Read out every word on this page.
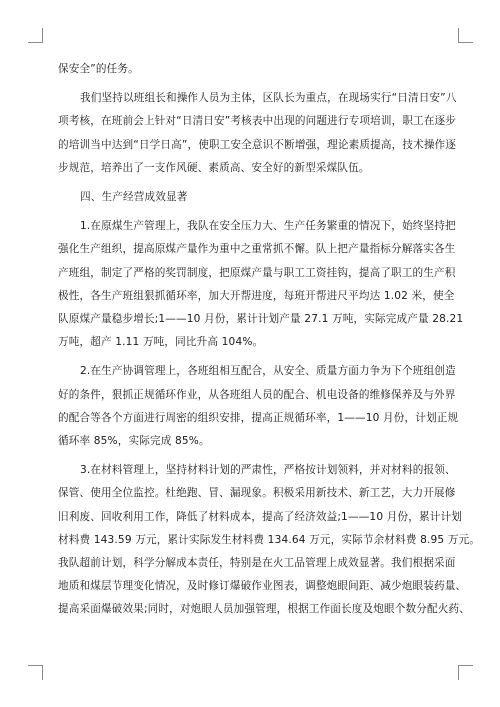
保安全”的任务。

我们坚持以班组长和操作人员为主体，区队长为重点，在现场实行“日清日安”八
项考核，在班前会上针对“日清日安”考核表中出现的问题进行专项培训，职工在逐步
的培训当中达到“日学日高”，使职工安全意识不断增强，理论素质提高，技术操作逐
步规范，培养出了一支作风硬、素质高、安全好的新型采煤队伍。

四、生产经营成效显著

1.在原煤生产管理上，我队在安全压力大、生产任务繁重的情况下，始终坚持把
强化生产组织，提高原煤产量作为重中之重常抓不懈。队上把产量指标分解落实各生
产班组，制定了严格的奖罚制度，把原煤产量与职工工资挂钩，提高了职工的生产积
极性，各生产班组狠抓循环率，加大开帮进度，每班开帮进尺平均达 1.02 米，使全
队原煤产量稳步增长;1——10 月份，累计计划产量 27.1 万吨，实际完成产量 28.21
万吨，超产 1.11 万吨，同比升高 104%。

2.在生产协调管理上，各班组相互配合，从安全、质量方面力争为下个班组创造
好的条件，狠抓正规循环作业，从各班组人员的配合、机电设备的维修保养及与外界
的配合等各个方面进行周密的组织安排，提高正规循环率，1——10 月份，计划正规
循环率 85%，实际完成 85%。

3.在材料管理上，坚持材料计划的严肃性，严格按计划领料，并对材料的报领、
保管、使用全位监控。杜绝跑、冒、漏现象。积极采用新技术、新工艺，大力开展修
旧利废、回收利用工作，降低了材料成本，提高了经济效益;1——10 月份，累计计划
材料费 143.59 万元，累计实际发生材料费 134.64 万元，实际节余材料费 8.95 万元。
我队超前计划，科学分解成本责任，特别是在火工品管理上成效显著。我们根据采面
地质和煤层节理变化情况，及时修订爆破作业图表，调整炮眼间距、减少炮眼装药量、
提高采面爆破效果;同时，对炮眼人员加强管理，根据工作面长度及炮眼个数分配火药、
